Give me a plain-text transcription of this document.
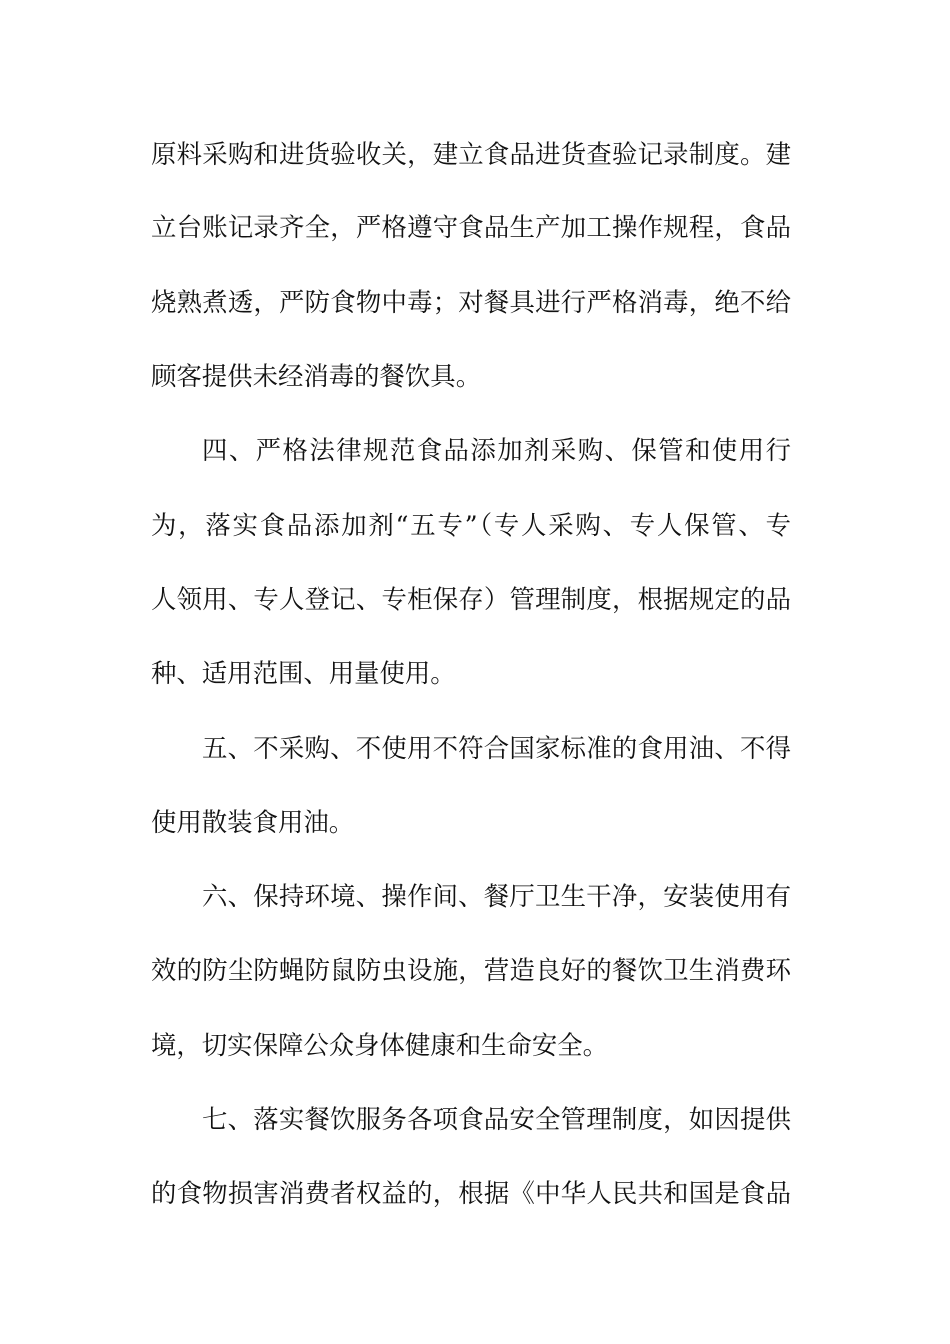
原料采购和进货验收关，建立食品进货查验记录制度。建
立台账记录齐全，严格遵守食品生产加工操作规程，食品
烧熟煮透，严防食物中毒；对餐具进行严格消毒，绝不给
顾客提供未经消毒的餐饮具。
四、严格法律规范食品添加剂采购、保管和使用行
为，落实食品添加剂“五专”（专人采购、专人保管、专
人领用、专人登记、专柜保存）管理制度，根据规定的品
种、适用范围、用量使用。
五、不采购、不使用不符合国家标准的食用油、不得
使用散装食用油。
六、保持环境、操作间、餐厅卫生干净，安装使用有
效的防尘防蝇防鼠防虫设施，营造良好的餐饮卫生消费环
境，切实保障公众身体健康和生命安全。
七、落实餐饮服务各项食品安全管理制度，如因提供
的食物损害消费者权益的，根据《中华人民共和国是食品
